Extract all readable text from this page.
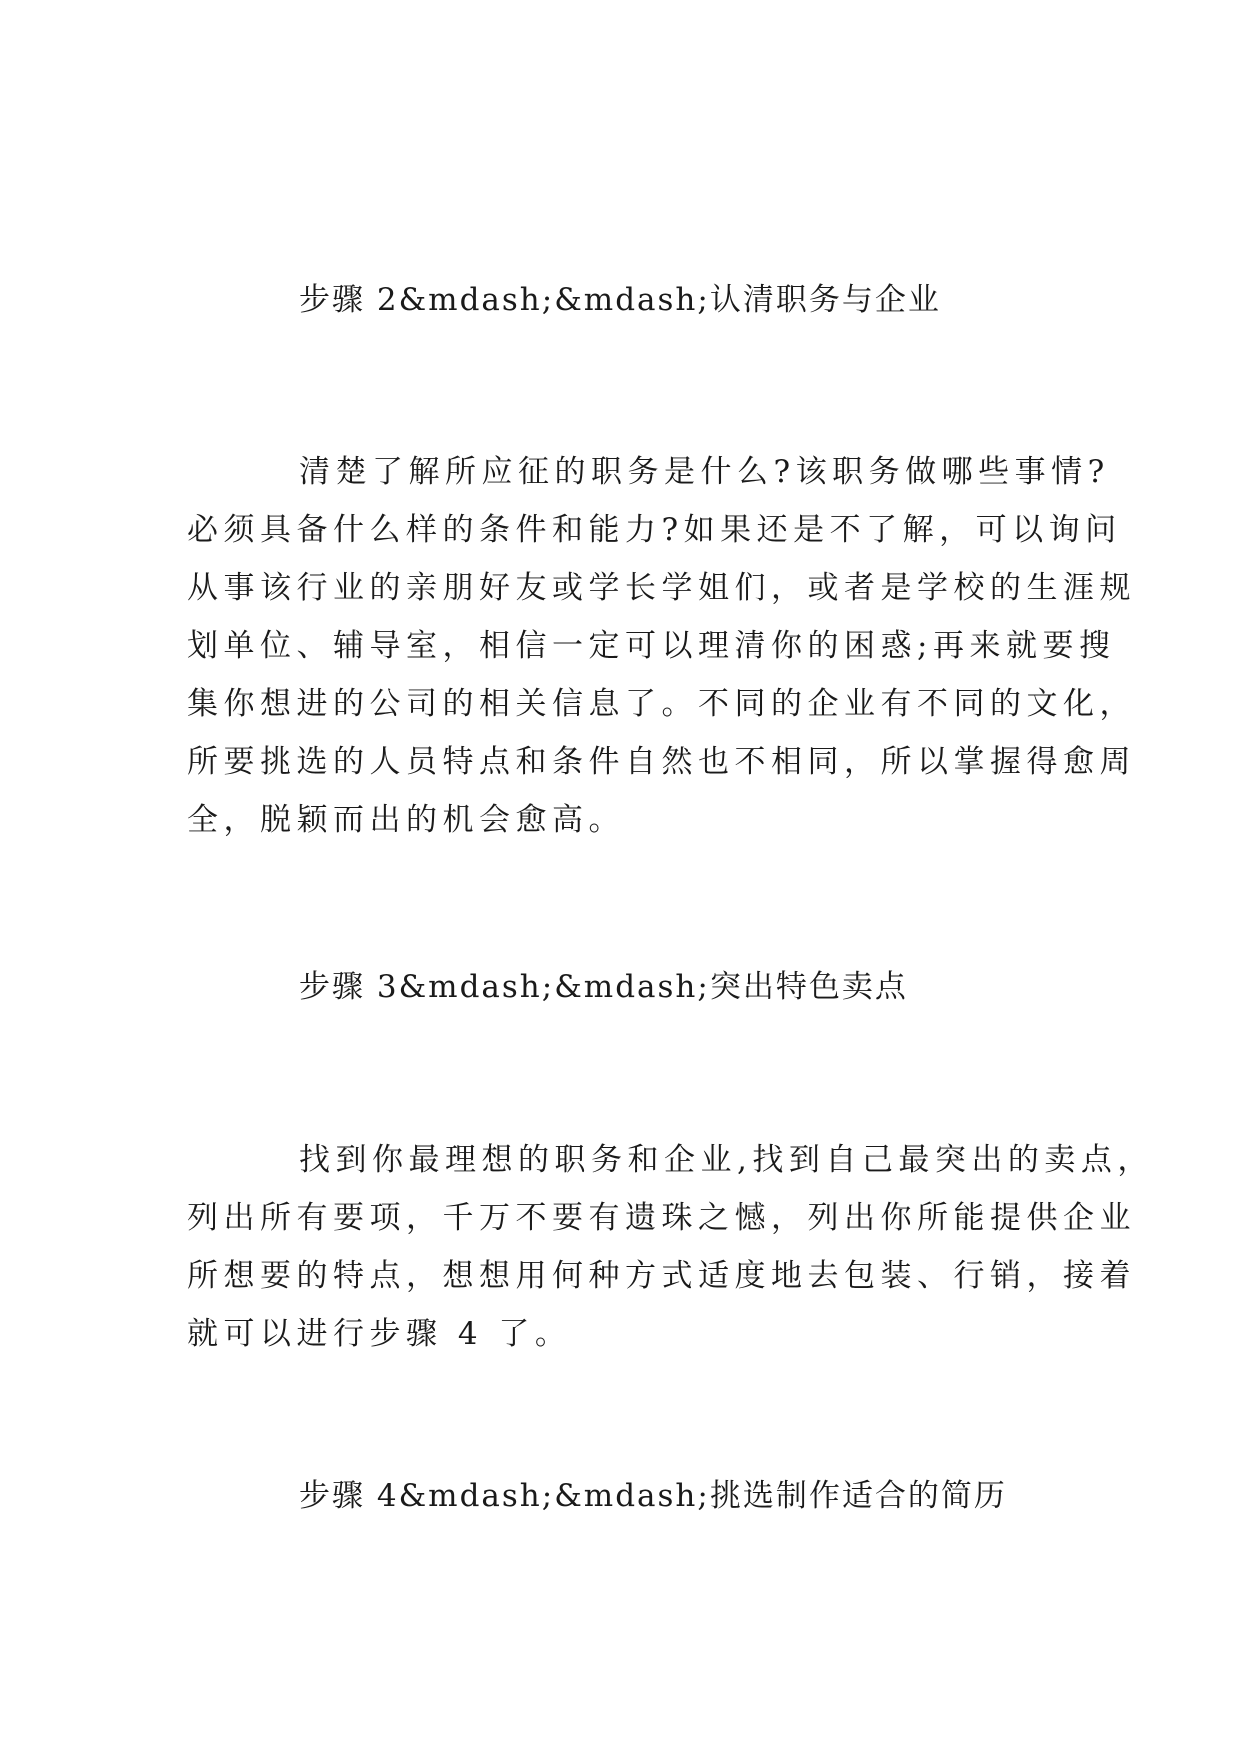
步骤 2&mdash;&mdash;认清职务与企业
清楚了解所应征的职务是什么?该职务做哪些事情?
必须具备什么样的条件和能力?如果还是不了解，可以询问
从事该行业的亲朋好友或学长学姐们，或者是学校的生涯规
划单位、辅导室，相信一定可以理清你的困惑;再来就要搜
集你想进的公司的相关信息了。不同的企业有不同的文化，
所要挑选的人员特点和条件自然也不相同，所以掌握得愈周
全，脱颖而出的机会愈高。
步骤 3&mdash;&mdash;突出特色卖点
找到你最理想的职务和企业,找到自己最突出的卖点，
列出所有要项，千万不要有遗珠之憾，列出你所能提供企业
所想要的特点，想想用何种方式适度地去包装、行销，接着
就可以进行步骤 4 了。
步骤 4&mdash;&mdash;挑选制作适合的简历
